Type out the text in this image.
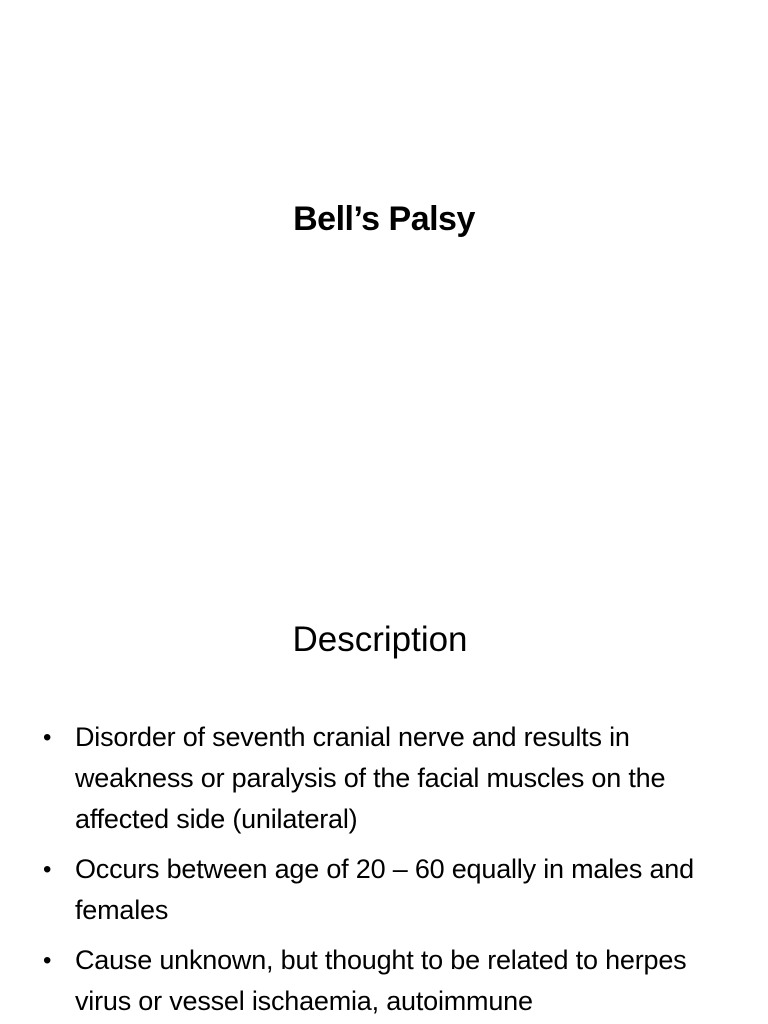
Bell’s Palsy
Description
• Disorder of seventh cranial nerve and results in weakness or paralysis of the facial muscles on the affected side (unilateral)
• Occurs between age of 20 – 60 equally in males and females
• Cause unknown, but thought to be related to herpes virus or vessel ischaemia, autoimmune
